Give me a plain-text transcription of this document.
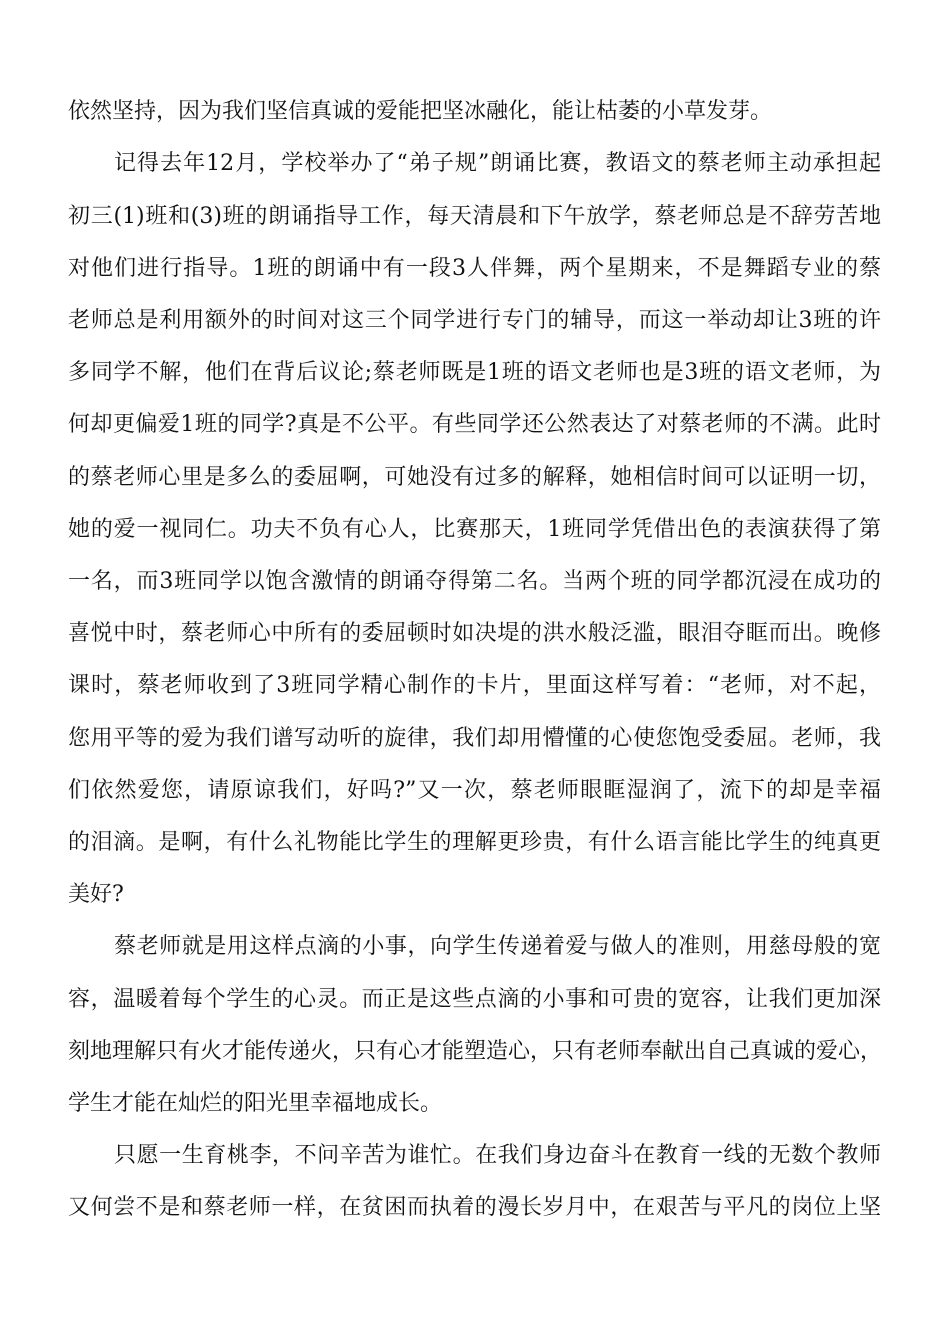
依然坚持，因为我们坚信真诚的爱能把坚冰融化，能让枯萎的小草发芽。

记得去年12月，学校举办了“弟子规”朗诵比赛，教语文的蔡老师主动承担起

初三(1)班和(3)班的朗诵指导工作，每天清晨和下午放学，蔡老师总是不辞劳苦地

对他们进行指导。1班的朗诵中有一段3人伴舞，两个星期来，不是舞蹈专业的蔡

老师总是利用额外的时间对这三个同学进行专门的辅导，而这一举动却让3班的许

多同学不解，他们在背后议论;蔡老师既是1班的语文老师也是3班的语文老师，为

何却更偏爱1班的同学?真是不公平。有些同学还公然表达了对蔡老师的不满。此时

的蔡老师心里是多么的委屈啊，可她没有过多的解释，她相信时间可以证明一切，

她的爱一视同仁。功夫不负有心人，比赛那天，1班同学凭借出色的表演获得了第

一名，而3班同学以饱含激情的朗诵夺得第二名。当两个班的同学都沉浸在成功的

喜悦中时，蔡老师心中所有的委屈顿时如决堤的洪水般泛滥，眼泪夺眶而出。晚修

课时，蔡老师收到了3班同学精心制作的卡片，里面这样写着：“老师，对不起，

您用平等的爱为我们谱写动听的旋律，我们却用懵懂的心使您饱受委屈。老师，我

们依然爱您，请原谅我们，好吗?”又一次，蔡老师眼眶湿润了，流下的却是幸福

的泪滴。是啊，有什么礼物能比学生的理解更珍贵，有什么语言能比学生的纯真更

美好?

蔡老师就是用这样点滴的小事，向学生传递着爱与做人的准则，用慈母般的宽

容，温暖着每个学生的心灵。而正是这些点滴的小事和可贵的宽容，让我们更加深

刻地理解只有火才能传递火，只有心才能塑造心，只有老师奉献出自己真诚的爱心，

学生才能在灿烂的阳光里幸福地成长。

只愿一生育桃李，不问辛苦为谁忙。在我们身边奋斗在教育一线的无数个教师

又何尝不是和蔡老师一样，在贫困而执着的漫长岁月中，在艰苦与平凡的岗位上坚
